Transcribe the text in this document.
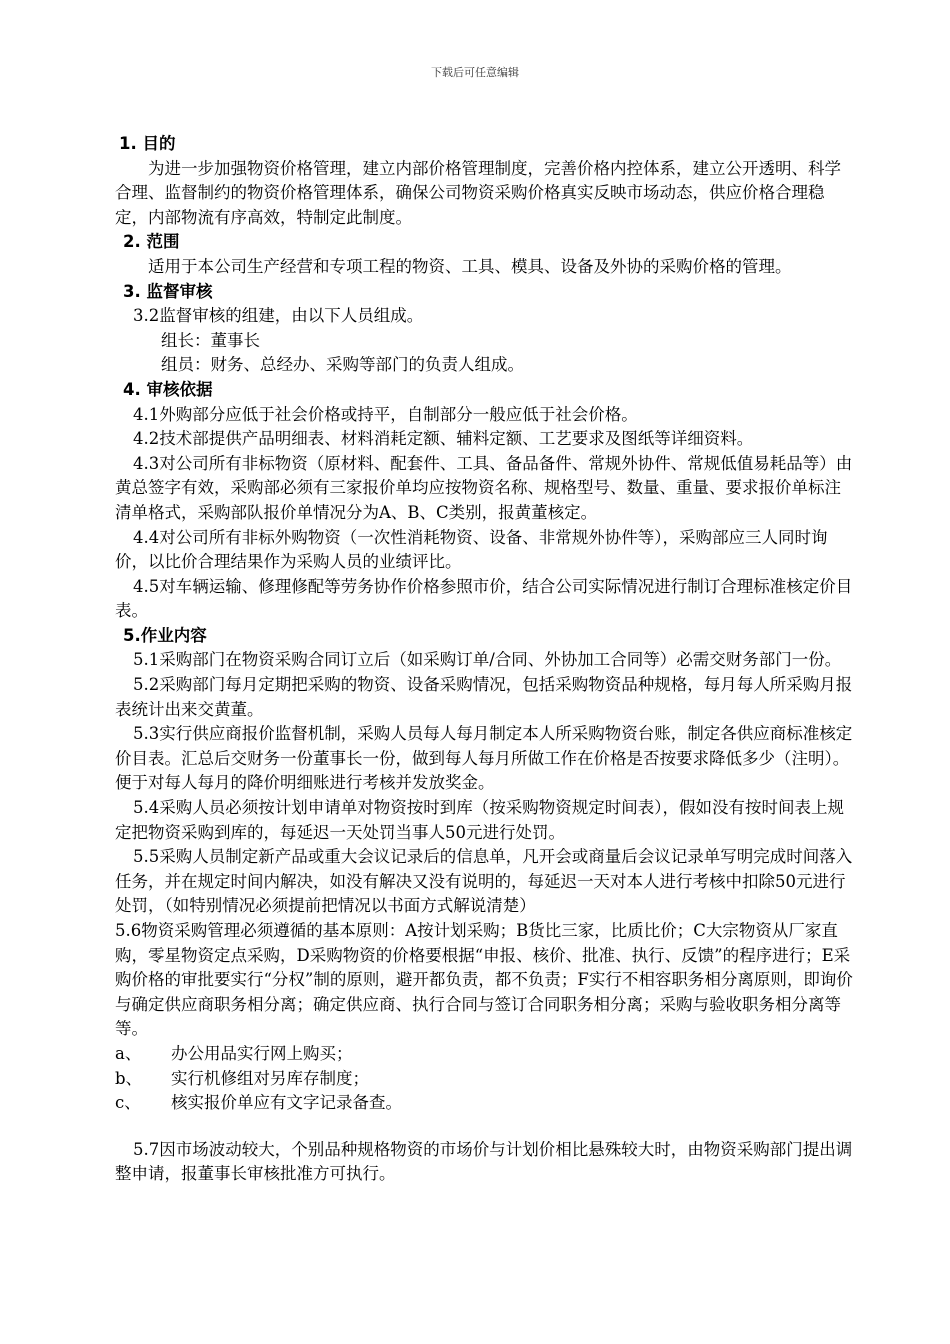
下载后可任意编辑
1. 目的
为进一步加强物资价格管理，建立内部价格管理制度，完善价格内控体系，建立公开透明、科学合理、监督制约的物资价格管理体系，确保公司物资采购价格真实反映市场动态，供应价格合理稳定，内部物流有序高效，特制定此制度。
2. 范围
适用于本公司生产经营和专项工程的物资、工具、模具、设备及外协的采购价格的管理。
3. 监督审核
3.2监督审核的组建，由以下人员组成。
组长：董事长
组员：财务、总经办、采购等部门的负责人组成。
4. 审核依据
4.1外购部分应低于社会价格或持平，自制部分一般应低于社会价格。
4.2技术部提供产品明细表、材料消耗定额、辅料定额、工艺要求及图纸等详细资料。
4.3对公司所有非标物资（原材料、配套件、工具、备品备件、常规外协件、常规低值易耗品等）由黄总签字有效，采购部必须有三家报价单均应按物资名称、规格型号、数量、重量、要求报价单标注清单格式，采购部队报价单情况分为A、B、C类别，报黄董核定。
4.4对公司所有非标外购物资（一次性消耗物资、设备、非常规外协件等），采购部应三人同时询价，以比价合理结果作为采购人员的业绩评比。
4.5对车辆运输、修理修配等劳务协作价格参照市价，结合公司实际情况进行制订合理标准核定价目表。
5.作业内容
5.1采购部门在物资采购合同订立后（如采购订单/合同、外协加工合同等）必需交财务部门一份。
5.2采购部门每月定期把采购的物资、设备采购情况，包括采购物资品种规格，每月每人所采购月报表统计出来交黄董。
5.3实行供应商报价监督机制，采购人员每人每月制定本人所采购物资台账，制定各供应商标准核定价目表。汇总后交财务一份董事长一份，做到每人每月所做工作在价格是否按要求降低多少（注明）。便于对每人每月的降价明细账进行考核并发放奖金。
5.4采购人员必须按计划申请单对物资按时到库（按采购物资规定时间表），假如没有按时间表上规定把物资采购到库的，每延迟一天处罚当事人50元进行处罚。
5.5采购人员制定新产品或重大会议记录后的信息单，凡开会或商量后会议记录单写明完成时间落入任务，并在规定时间内解决，如没有解决又没有说明的，每延迟一天对本人进行考核中扣除50元进行处罚，（如特别情况必须提前把情况以书面方式解说清楚）
5.6物资采购管理必须遵循的基本原则：A按计划采购；B货比三家，比质比价；C大宗物资从厂家直购，零星物资定点采购，D采购物资的价格要根据“申报、核价、批准、执行、反馈”的程序进行；E采购价格的审批要实行“分权”制的原则，避开都负责，都不负责；F实行不相容职务相分离原则，即询价与确定供应商职务相分离；确定供应商、执行合同与签订合同职务相分离；采购与验收职务相分离等等。
a、	办公用品实行网上购买；
b、	实行机修组对另库存制度；
c、	核实报价单应有文字记录备查。
5.7因市场波动较大，个别品种规格物资的市场价与计划价相比悬殊较大时，由物资采购部门提出调整申请，报董事长审核批准方可执行。
